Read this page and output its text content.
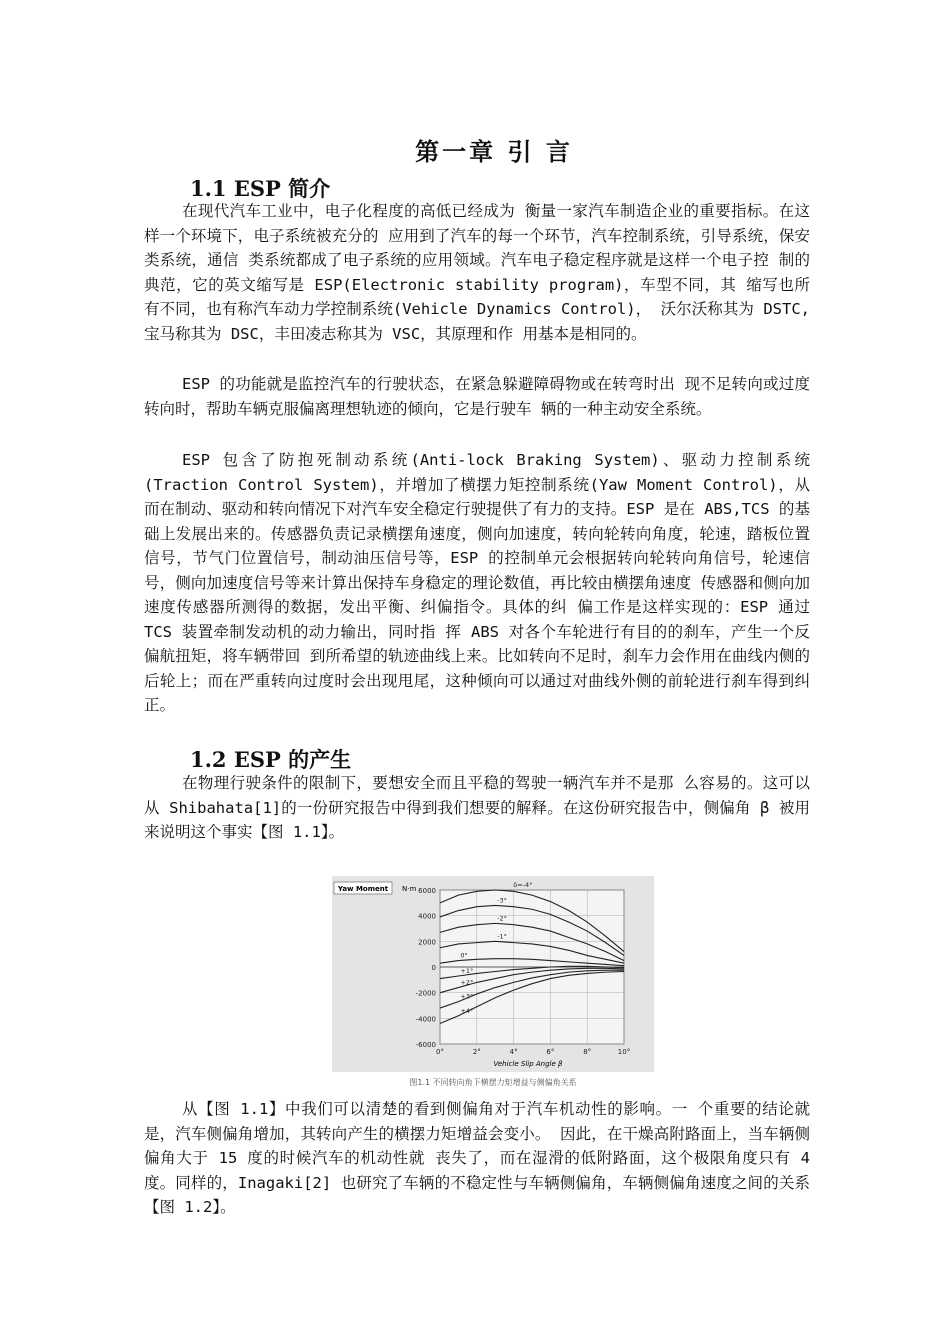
第一章 引 言
1.1 ESP 简介
在现代汽车工业中，电子化程度的高低已经成为 衡量一家汽车制造企业的重要指标。在这样一个环境下，电子系统被充分的 应用到了汽车的每一个环节，汽车控制系统，引导系统，保安类系统，通信 类系统都成了电子系统的应用领域。汽车电子稳定程序就是这样一个电子控 制的典范，它的英文缩写是 ESP(Electronic stability program)，车型不同，其 缩写也所有不同，也有称汽车动力学控制系统(Vehicle Dynamics Control)， 沃尔沃称其为 DSTC,宝马称其为 DSC，丰田凌志称其为 VSC，其原理和作 用基本是相同的。
ESP 的功能就是监控汽车的行驶状态，在紧急躲避障碍物或在转弯时出 现不足转向或过度转向时，帮助车辆克服偏离理想轨迹的倾向，它是行驶车 辆的一种主动安全系统。
ESP 包含了防抱死制动系统(Anti-lock Braking System)、驱动力控制系统 (Traction Control System)，并增加了横摆力矩控制系统(Yaw Moment Control)，从而在制动、驱动和转向情况下对汽车安全稳定行驶提供了有力的支持。ESP 是在 ABS,TCS 的基础上发展出来的。传感器负责记录横摆角速度，侧向加速度，转向轮转向角度，轮速，踏板位置信号，节气门位置信号，制动油压信号等，ESP 的控制单元会根据转向轮转向角信号，轮速信号，侧向加速度信号等来计算出保持车身稳定的理论数值，再比较由横摆角速度 传感器和侧向加速度传感器所测得的数据，发出平衡、纠偏指令。具体的纠 偏工作是这样实现的：ESP 通过 TCS 装置牵制发动机的动力输出，同时指 挥 ABS 对各个车轮进行有目的的刹车，产生一个反偏航扭矩，将车辆带回 到所希望的轨迹曲线上来。比如转向不足时，刹车力会作用在曲线内侧的后轮上；而在严重转向过度时会出现甩尾，这种倾向可以通过对曲线外侧的前轮进行刹车得到纠正。
1.2 ESP 的产生
在物理行驶条件的限制下，要想安全而且平稳的驾驶一辆汽车并不是那 么容易的。这可以从 Shibahata[1]的一份研究报告中得到我们想要的解释。在这份研究报告中，侧偏角 β 被用来说明这个事实【图 1.1】。
Yaw Moment N·m 6000
4000
2000
0
-2000
-4000
-6000
0°	2°	4°	6°	8°	10°
δ=-4°
-3°
-2°
-1°
0°
+1°
+2°
+3°
+4°
Vehicle Slip Angle β
图1.1 不同转向角下横摆力矩增益与侧偏角关系
从【图 1.1】中我们可以清楚的看到侧偏角对于汽车机动性的影响。一 个重要的结论就是，汽车侧偏角增加，其转向产生的横摆力矩增益会变小。 因此，在干燥高附路面上，当车辆侧偏角大于 15 度的时候汽车的机动性就 丧失了，而在湿滑的低附路面，这个极限角度只有 4 度。同样的，Inagaki[2] 也研究了车辆的不稳定性与车辆侧偏角，车辆侧偏角速度之间的关系【图 1.2】。
